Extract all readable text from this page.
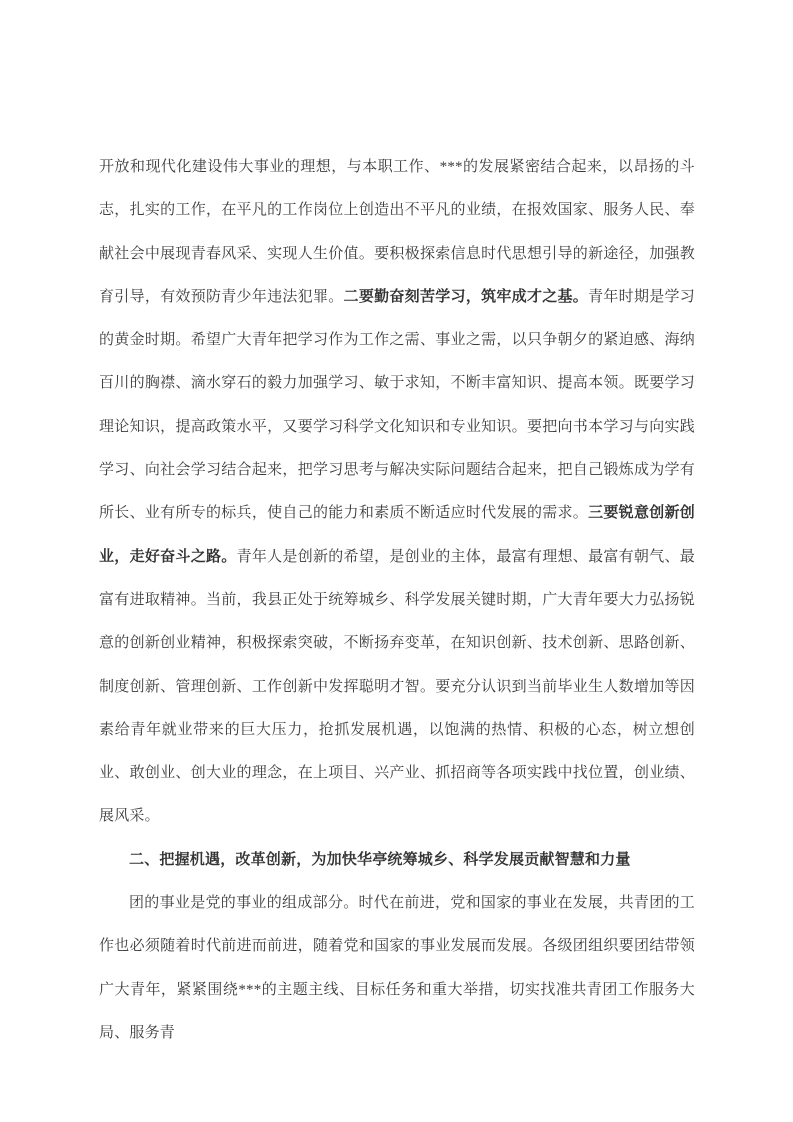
开放和现代化建设伟大事业的理想，与本职工作、***的发展紧密结合起来，以昂扬的斗志，扎实的工作，在平凡的工作岗位上创造出不平凡的业绩，在报效国家、服务人民、奉献社会中展现青春风采、实现人生价值。要积极探索信息时代思想引导的新途径，加强教育引导，有效预防青少年违法犯罪。二要勤奋刻苦学习，筑牢成才之基。青年时期是学习的黄金时期。希望广大青年把学习作为工作之需、事业之需，以只争朝夕的紧迫感、海纳百川的胸襟、滴水穿石的毅力加强学习、敏于求知，不断丰富知识、提高本领。既要学习理论知识，提高政策水平，又要学习科学文化知识和专业知识。要把向书本学习与向实践学习、向社会学习结合起来，把学习思考与解决实际问题结合起来，把自己锻炼成为学有所长、业有所专的标兵，使自己的能力和素质不断适应时代发展的需求。三要锐意创新创业，走好奋斗之路。青年人是创新的希望，是创业的主体，最富有理想、最富有朝气、最富有进取精神。当前，我县正处于统筹城乡、科学发展关键时期，广大青年要大力弘扬锐意的创新创业精神，积极探索突破，不断扬弃变革，在知识创新、技术创新、思路创新、制度创新、管理创新、工作创新中发挥聪明才智。要充分认识到当前毕业生人数增加等因素给青年就业带来的巨大压力，抢抓发展机遇，以饱满的热情、积极的心态，树立想创业、敢创业、创大业的理念，在上项目、兴产业、抓招商等各项实践中找位置，创业绩、展风采。

二、把握机遇，改革创新，为加快华亭统筹城乡、科学发展贡献智慧和力量

团的事业是党的事业的组成部分。时代在前进，党和国家的事业在发展，共青团的工作也必须随着时代前进而前进，随着党和国家的事业发展而发展。各级团组织要团结带领广大青年，紧紧围绕***的主题主线、目标任务和重大举措，切实找准共青团工作服务大局、服务青
